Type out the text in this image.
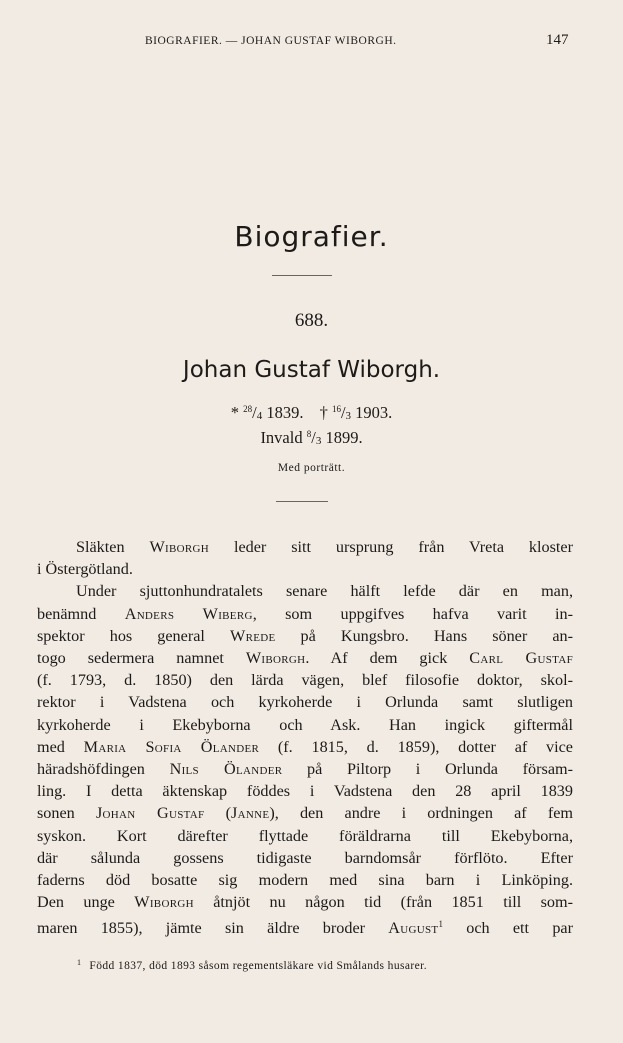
BIOGRAFIER. — JOHAN GUSTAF WIBORGH.	147
Biografier.
688.
Johan Gustaf Wiborgh.
* $^{28}/_4$ 1839. † $^{16}/_3$ 1903.
Invald $^8/_3$ 1899.
Med porträtt.
Släkten Wiborgh leder sitt ursprung från Vreta kloster
i Östergötland.
Under sjuttonhundratalets senare hälft lefde där en man,
benämnd Anders Wiberg, som uppgifves hafva varit in-
spektor hos general Wrede på Kungsbro. Hans söner an-
togo sedermera namnet Wiborgh. Af dem gick Carl Gustaf
(f. 1793, d. 1850) den lärda vägen, blef filosofie doktor, skol-
rektor i Vadstena och kyrkoherde i Orlunda samt slutligen
kyrkoherde i Ekebyborna och Ask. Han ingick giftermål
med Maria Sofia Ölander (f. 1815, d. 1859), dotter af vice
häradshöfdingen Nils Ölander på Piltorp i Orlunda försam-
ling. I detta äktenskap föddes i Vadstena den 28 april 1839
sonen Johan Gustaf (Janne), den andre i ordningen af fem
syskon. Kort därefter flyttade föräldrarna till Ekebyborna,
där sålunda gossens tidigaste barndomsår förflöto. Efter
faderns död bosatte sig modern med sina barn i Linköping.
Den unge Wiborgh åtnjöt nu någon tid (från 1851 till som-
maren 1855), jämte sin äldre broder August$^1$ och ett par
$^1$ Född 1837, död 1893 såsom regementsläkare vid Smålands husarer.
